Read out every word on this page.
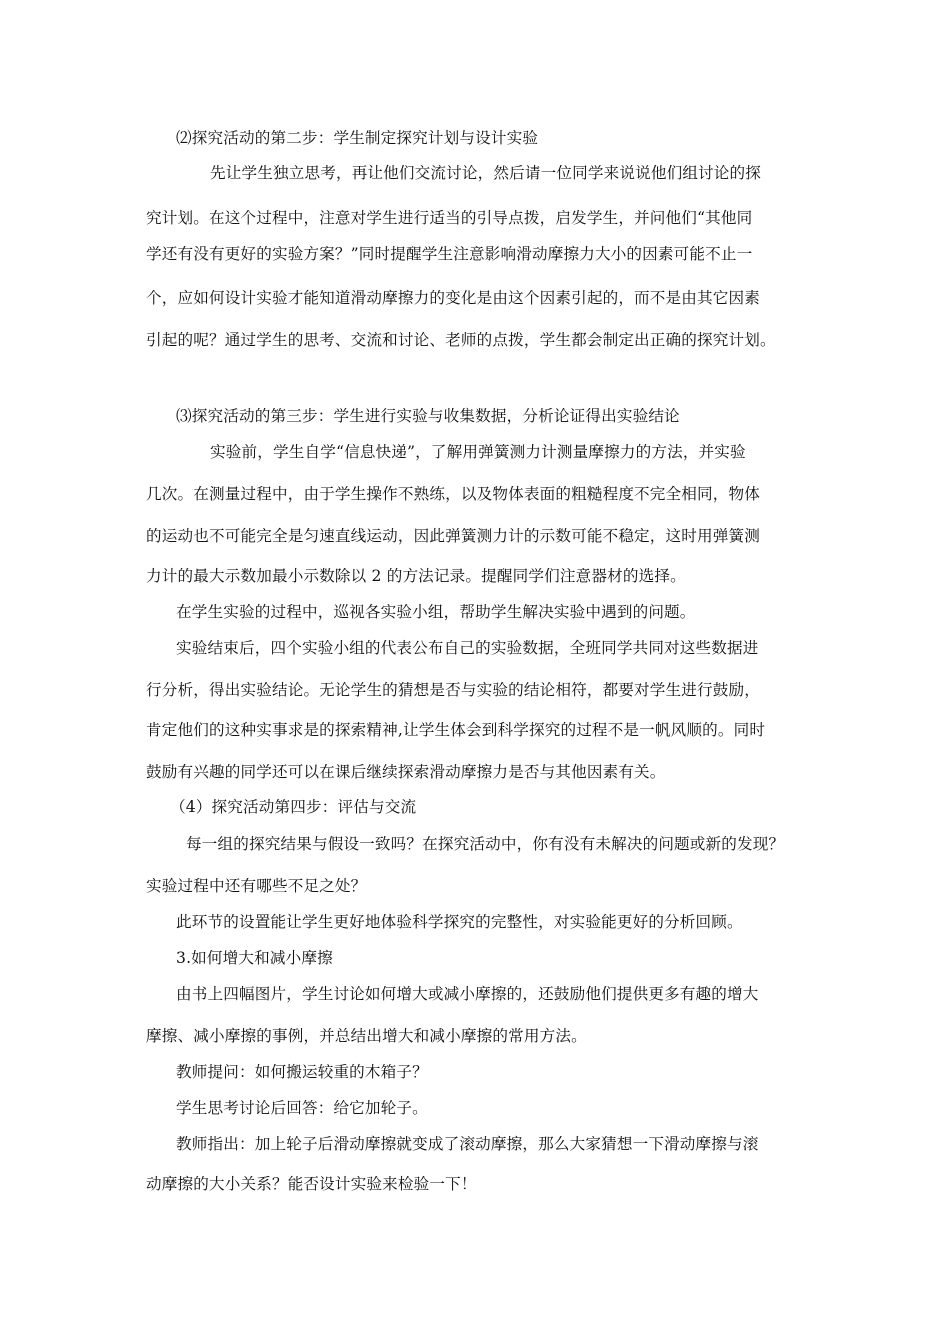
⑵探究活动的第二步：学生制定探究计划与设计实验
先让学生独立思考，再让他们交流讨论，然后请一位同学来说说他们组讨论的探
究计划。在这个过程中，注意对学生进行适当的引导点拨，启发学生，并问他们“其他同
学还有没有更好的实验方案？”同时提醒学生注意影响滑动摩擦力大小的因素可能不止一
个，应如何设计实验才能知道滑动摩擦力的变化是由这个因素引起的，而不是由其它因素
引起的呢？通过学生的思考、交流和讨论、老师的点拨，学生都会制定出正确的探究计划。
⑶探究活动的第三步：学生进行实验与收集数据，分析论证得出实验结论
实验前，学生自学“信息快递”，了解用弹簧测力计测量摩擦力的方法，并实验
几次。在测量过程中，由于学生操作不熟练，以及物体表面的粗糙程度不完全相同，物体
的运动也不可能完全是匀速直线运动，因此弹簧测力计的示数可能不稳定，这时用弹簧测
力计的最大示数加最小示数除以 2 的方法记录。提醒同学们注意器材的选择。
在学生实验的过程中，巡视各实验小组，帮助学生解决实验中遇到的问题。
实验结束后，四个实验小组的代表公布自己的实验数据，全班同学共同对这些数据进
行分析，得出实验结论。无论学生的猜想是否与实验的结论相符，都要对学生进行鼓励，
肯定他们的这种实事求是的探索精神,让学生体会到科学探究的过程不是一帆风顺的。同时
鼓励有兴趣的同学还可以在课后继续探索滑动摩擦力是否与其他因素有关。
（4）探究活动第四步：评估与交流
每一组的探究结果与假设一致吗？在探究活动中，你有没有未解决的问题或新的发现？
实验过程中还有哪些不足之处？
此环节的设置能让学生更好地体验科学探究的完整性，对实验能更好的分析回顾。
3.如何增大和减小摩擦
由书上四幅图片，学生讨论如何增大或减小摩擦的，还鼓励他们提供更多有趣的增大
摩擦、减小摩擦的事例，并总结出增大和减小摩擦的常用方法。
教师提问：如何搬运较重的木箱子？
学生思考讨论后回答：给它加轮子。
教师指出：加上轮子后滑动摩擦就变成了滚动摩擦，那么大家猜想一下滑动摩擦与滚
动摩擦的大小关系？能否设计实验来检验一下！
